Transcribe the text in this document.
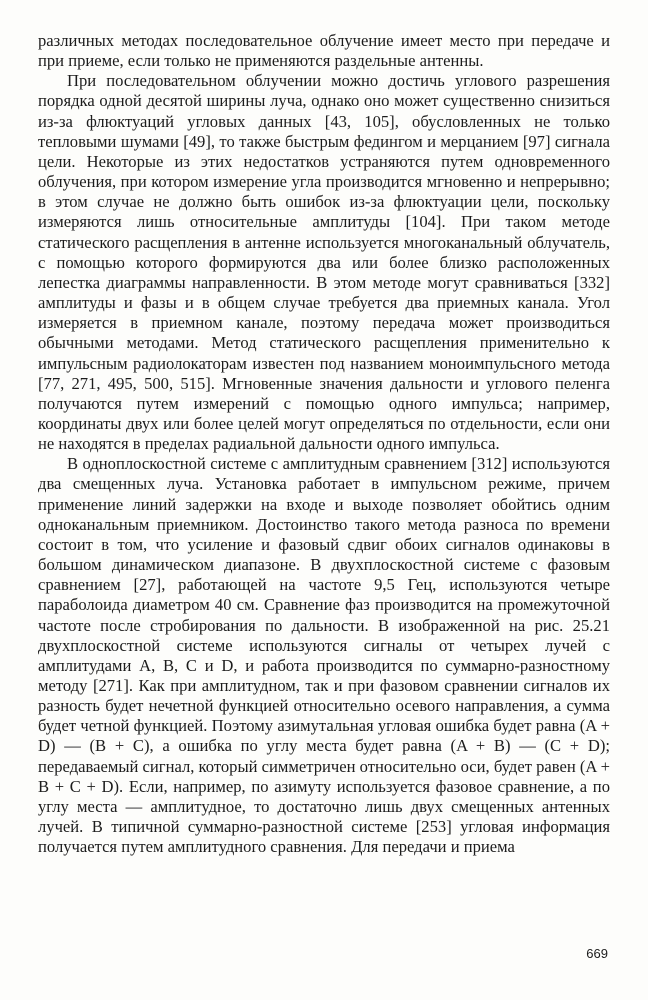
различных методах последовательное облучение имеет место при передаче и при приеме, если только не применяются раздельные антенны.

При последовательном облучении можно достичь углового разрешения порядка одной десятой ширины луча, однако оно может существенно снизиться из-за флюктуаций угловых данных [43, 105], обусловленных не только тепловыми шумами [49], то также быстрым федингом и мерцанием [97] сигнала цели. Некоторые из этих недостатков устраняются путем одновременного облучения, при котором измерение угла производится мгновенно и непрерывно; в этом случае не должно быть ошибок из-за флюктуации цели, поскольку измеряются лишь относительные амплитуды [104]. При таком методе статического расщепления в антенне используется многоканальный облучатель, с помощью которого формируются два или более близко расположенных лепестка диаграммы направленности. В этом методе могут сравниваться [332] амплитуды и фазы и в общем случае требуется два приемных канала. Угол измеряется в приемном канале, поэтому передача может производиться обычными методами. Метод статического расщепления применительно к импульсным радиолокаторам известен под названием моноимпульсного метода [77, 271, 495, 500, 515]. Мгновенные значения дальности и углового пеленга получаются путем измерений с помощью одного импульса; например, координаты двух или более целей могут определяться по отдельности, если они не находятся в пределах радиальной дальности одного импульса.

В одноплоскостной системе с амплитудным сравнением [312] используются два смещенных луча. Установка работает в импульсном режиме, причем применение линий задержки на входе и выходе позволяет обойтись одним одноканальным приемником. Достоинство такого метода разноса по времени состоит в том, что усиление и фазовый сдвиг обоих сигналов одинаковы в большом динамическом диапазоне. В двухплоскостной системе с фазовым сравнением [27], работающей на частоте 9,5 Гец, используются четыре параболоида диаметром 40 см. Сравнение фаз производится на промежуточной частоте после стробирования по дальности. В изображенной на рис. 25.21 двухплоскостной системе используются сигналы от четырех лучей с амплитудами A, B, C и D, и работа производится по суммарно-разностному методу [271]. Как при амплитудном, так и при фазовом сравнении сигналов их разность будет нечетной функцией относительно осевого направления, а сумма будет четной функцией. Поэтому азимутальная угловая ошибка будет равна (A + D) — (B + C), а ошибка по углу места будет равна (A + B) — (C + D); передаваемый сигнал, который симметричен относительно оси, будет равен (A + B + C + D). Если, например, по азимуту используется фазовое сравнение, а по углу места — амплитудное, то достаточно лишь двух смещенных антенных лучей. В типичной суммарно-разностной системе [253] угловая информация получается путем амплитудного сравнения. Для передачи и приема

669
